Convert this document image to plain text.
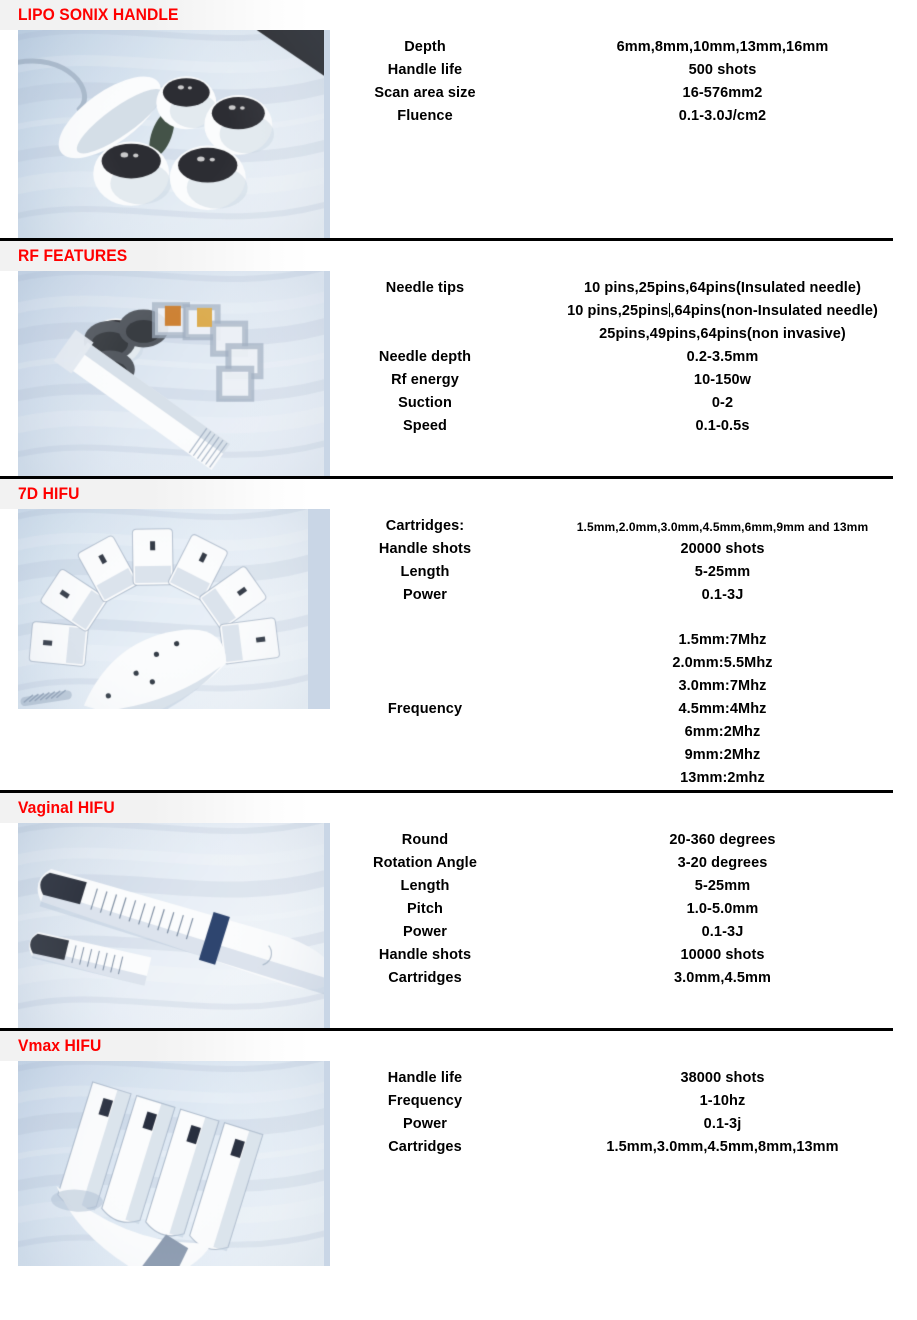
LIPO SONIX HANDLE
Depth	6mm,8mm,10mm,13mm,16mm
Handle life	500 shots
Scan area size	16-576mm2
Fluence	0.1-3.0J/cm2
RF FEATURES
Needle tips	10 pins,25pins,64pins(Insulated needle)
10 pins,25pins ,64pins(non-Insulated needle)
25pins,49pins,64pins(non invasive)
Needle depth	0.2-3.5mm
Rf energy	10-150w
Suction	0-2
Speed	0.1-0.5s
7D HIFU
Cartridges:	1.5mm,2.0mm,3.0mm,4.5mm,6mm,9mm and 13mm
Handle shots	20000 shots
Length	5-25mm
Power	0.1-3J
Frequency
1.5mm:7Mhz
2.0mm:5.5Mhz
3.0mm:7Mhz
4.5mm:4Mhz
6mm:2Mhz
9mm:2Mhz
13mm:2mhz
Vaginal HIFU
Round	20-360 degrees
Rotation Angle	3-20 degrees
Length	5-25mm
Pitch	1.0-5.0mm
Power	0.1-3J
Handle shots	10000 shots
Cartridges	3.0mm,4.5mm
Vmax HIFU
Handle life	38000 shots
Frequency	1-10hz
Power	0.1-3j
Cartridges	1.5mm,3.0mm,4.5mm,8mm,13mm
